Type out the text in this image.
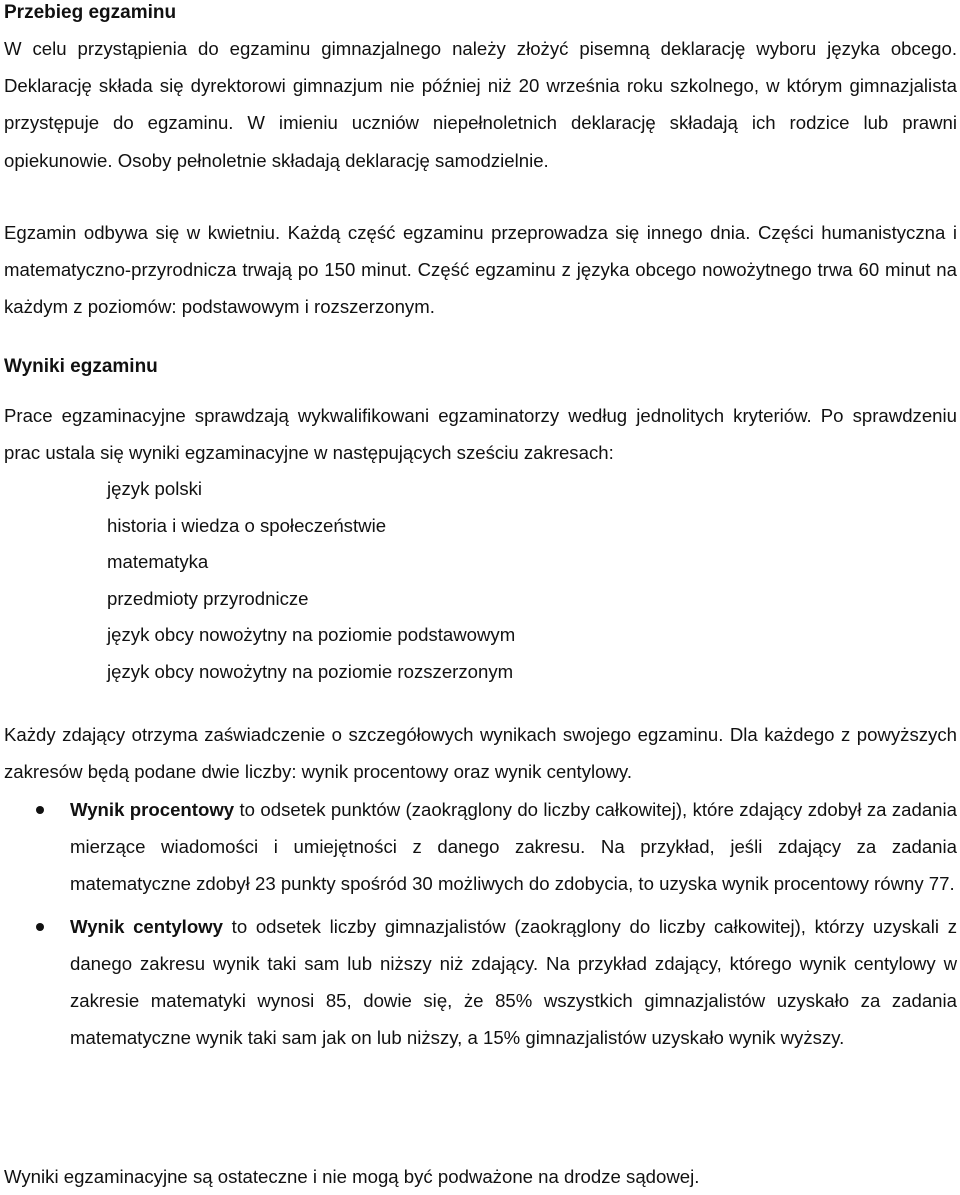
Przebieg egzaminu

W celu przystąpienia do egzaminu gimnazjalnego należy złożyć pisemną deklarację wyboru języka obcego. Deklarację składa się dyrektorowi gimnazjum nie później niż 20 września roku szkolnego, w którym gimnazjalista przystępuje do egzaminu. W imieniu uczniów niepełnoletnich deklarację składają ich rodzice lub prawni opiekunowie. Osoby pełnoletnie składają deklarację samodzielnie.

Egzamin odbywa się w kwietniu. Każdą część egzaminu przeprowadza się innego dnia. Części humanistyczna i matematyczno-przyrodnicza trwają po 150 minut. Część egzaminu z języka obcego nowożytnego trwa 60 minut na każdym z poziomów: podstawowym i rozszerzonym.

Wyniki egzaminu

Prace egzaminacyjne sprawdzają wykwalifikowani egzaminatorzy według jednolitych kryteriów. Po sprawdzeniu prac ustala się wyniki egzaminacyjne w następujących sześciu zakresach:

język polski
historia i wiedza o społeczeństwie
matematyka
przedmioty przyrodnicze
język obcy nowożytny na poziomie podstawowym
język obcy nowożytny na poziomie rozszerzonym

Każdy zdający otrzyma zaświadczenie o szczegółowych wynikach swojego egzaminu. Dla każdego z powyższych zakresów będą podane dwie liczby: wynik procentowy oraz wynik centylowy.

Wynik procentowy to odsetek punktów (zaokrąglony do liczby całkowitej), które zdający zdobył za zadania mierzące wiadomości i umiejętności z danego zakresu. Na przykład, jeśli zdający za zadania matematyczne zdobył 23 punkty spośród 30 możliwych do zdobycia, to uzyska wynik procentowy równy 77.

Wynik centylowy to odsetek liczby gimnazjalistów (zaokrąglony do liczby całkowitej), którzy uzyskali z danego zakresu wynik taki sam lub niższy niż zdający. Na przykład zdający, którego wynik centylowy w zakresie matematyki wynosi 85, dowie się, że 85% wszystkich gimnazjalistów uzyskało za zadania matematyczne wynik taki sam jak on lub niższy, a 15% gimnazjalistów uzyskało wynik wyższy.

Wyniki egzaminacyjne są ostateczne i nie mogą być podważone na drodze sądowej.
